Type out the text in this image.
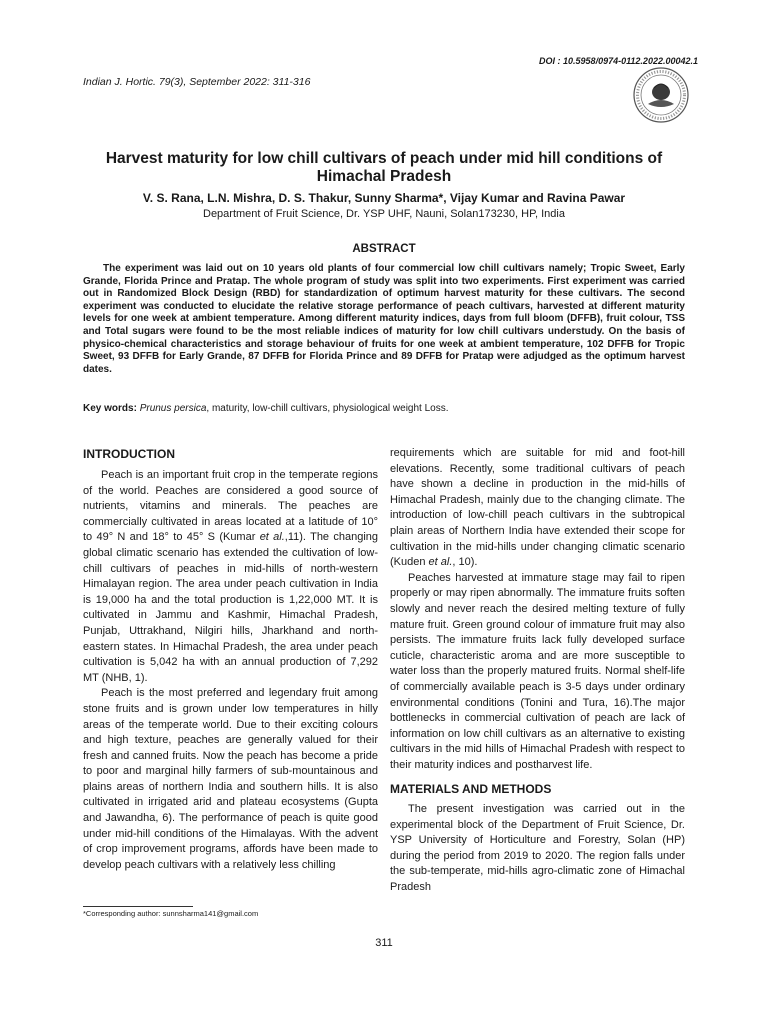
DOI : 10.5958/0974-0112.2022.00042.1
Indian J. Hortic. 79(3), September 2022: 311-316
Harvest maturity for low chill cultivars of peach under mid hill conditions of Himachal Pradesh
V. S. Rana, L.N. Mishra, D. S. Thakur, Sunny Sharma*, Vijay Kumar and Ravina Pawar
Department of Fruit Science, Dr. YSP UHF, Nauni, Solan173230, HP, India
ABSTRACT

The experiment was laid out on 10 years old plants of four commercial low chill cultivars namely; Tropic Sweet, Early Grande, Florida Prince and Pratap. The whole program of study was split into two experiments. First experiment was carried out in Randomized Block Design (RBD) for standardization of optimum harvest maturity for these cultivars. The second experiment was conducted to elucidate the relative storage performance of peach cultivars, harvested at different maturity levels for one week at ambient temperature. Among different maturity indices, days from full bloom (DFFB), fruit colour, TSS and Total sugars were found to be the most reliable indices of maturity for low chill cultivars understudy. On the basis of physico-chemical characteristics and storage behaviour of fruits for one week at ambient temperature, 102 DFFB for Tropic Sweet, 93 DFFB for Early Grande, 87 DFFB for Florida Prince and 89 DFFB for Pratap were adjudged as the optimum harvest dates.

Key words: Prunus persica, maturity, low-chill cultivars, physiological weight Loss.
INTRODUCTION

Peach is an important fruit crop in the temperate regions of the world. Peaches are considered a good source of nutrients, vitamins and minerals. The peaches are commercially cultivated in areas located at a latitude of 10° to 49° N and 18° to 45° S (Kumar et al.,11). The changing global climatic scenario has extended the cultivation of low-chill cultivars of peaches in mid-hills of north-western Himalayan region. The area under peach cultivation in India is 19,000 ha and the total production is 1,22,000 MT. It is cultivated in Jammu and Kashmir, Himachal Pradesh, Punjab, Uttrakhand, Nilgiri hills, Jharkhand and north-eastern states. In Himachal Pradesh, the area under peach cultivation is 5,042 ha with an annual production of 7,292 MT (NHB, 1).

Peach is the most preferred and legendary fruit among stone fruits and is grown under low temperatures in hilly areas of the temperate world. Due to their exciting colours and high texture, peaches are generally valued for their fresh and canned fruits. Now the peach has become a pride to poor and marginal hilly farmers of sub-mountainous and plains areas of northern India and southern hills. It is also cultivated in irrigated arid and plateau ecosystems (Gupta and Jawandha, 6). The performance of peach is quite good under mid-hill conditions of the Himalayas. With the advent of crop improvement programs, affords have been made to develop peach cultivars with a relatively less chilling

requirements which are suitable for mid and foot-hill elevations. Recently, some traditional cultivars of peach have shown a decline in production in the mid-hills of Himachal Pradesh, mainly due to the changing climate. The introduction of low-chill peach cultivars in the subtropical plain areas of Northern India have extended their scope for cultivation in the mid-hills under changing climatic scenario (Kuden et al., 10).

Peaches harvested at immature stage may fail to ripen properly or may ripen abnormally. The immature fruits soften slowly and never reach the desired melting texture of fully mature fruit. Green ground colour of immature fruit may also persists. The immature fruits lack fully developed surface cuticle, characteristic aroma and are more susceptible to water loss than the properly matured fruits. Normal shelf-life of commercially available peach is 3-5 days under ordinary environmental conditions (Tonini and Tura, 16).The major bottlenecks in commercial cultivation of peach are lack of information on low chill cultivars as an alternative to existing cultivars in the mid hills of Himachal Pradesh with respect to their maturity indices and postharvest life.

MATERIALS AND METHODS

The present investigation was carried out in the experimental block of the Department of Fruit Science, Dr. YSP University of Horticulture and Forestry, Solan (HP) during the period from 2019 to 2020. The region falls under the sub-temperate, mid-hills agro-climatic zone of Himachal Pradesh

*Corresponding author: sunnsharma141@gmail.com
311
